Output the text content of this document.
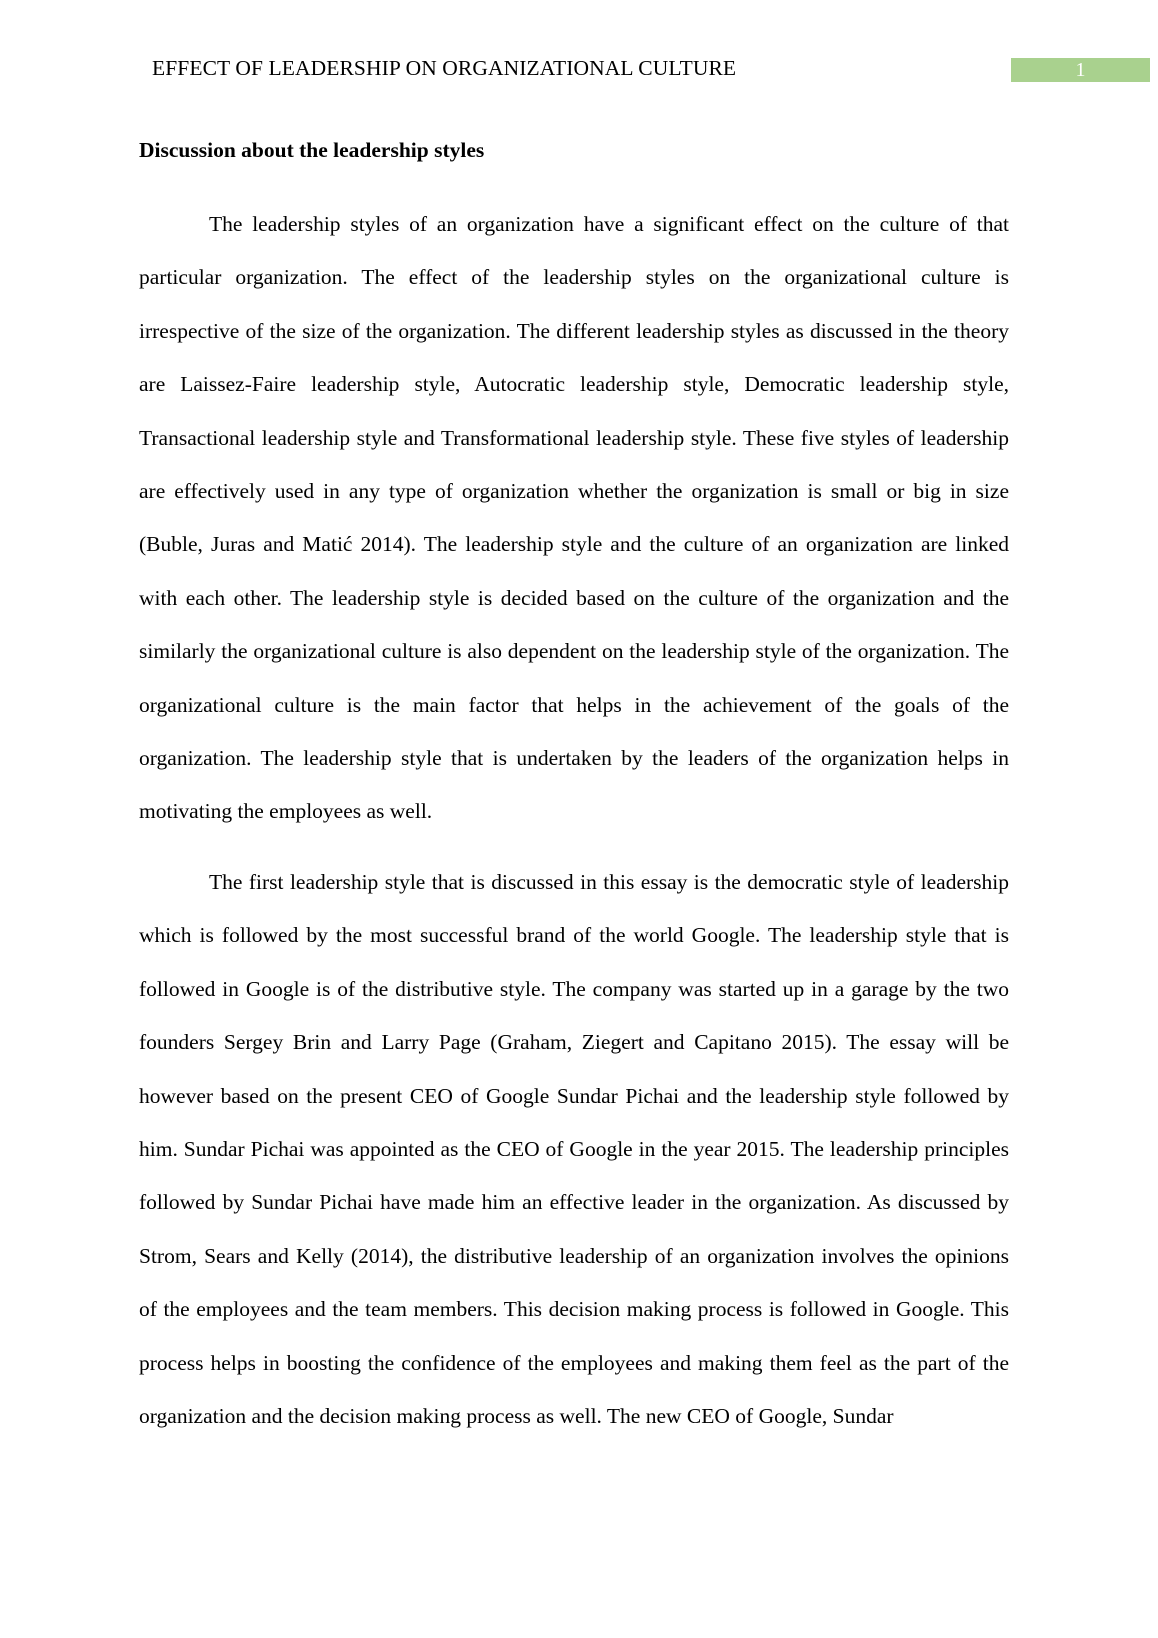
EFFECT OF LEADERSHIP ON ORGANIZATIONAL CULTURE	1
Discussion about the leadership styles

The leadership styles of an organization have a significant effect on the culture of that particular organization. The effect of the leadership styles on the organizational culture is irrespective of the size of the organization. The different leadership styles as discussed in the theory are Laissez-Faire leadership style, Autocratic leadership style, Democratic leadership style, Transactional leadership style and Transformational leadership style. These five styles of leadership are effectively used in any type of organization whether the organization is small or big in size (Buble, Juras and Matić 2014). The leadership style and the culture of an organization are linked with each other. The leadership style is decided based on the culture of the organization and the similarly the organizational culture is also dependent on the leadership style of the organization. The organizational culture is the main factor that helps in the achievement of the goals of the organization. The leadership style that is undertaken by the leaders of the organization helps in motivating the employees as well.

The first leadership style that is discussed in this essay is the democratic style of leadership which is followed by the most successful brand of the world Google. The leadership style that is followed in Google is of the distributive style. The company was started up in a garage by the two founders Sergey Brin and Larry Page (Graham, Ziegert and Capitano 2015). The essay will be however based on the present CEO of Google Sundar Pichai and the leadership style followed by him. Sundar Pichai was appointed as the CEO of Google in the year 2015. The leadership principles followed by Sundar Pichai have made him an effective leader in the organization. As discussed by Strom, Sears and Kelly (2014), the distributive leadership of an organization involves the opinions of the employees and the team members. This decision making process is followed in Google. This process helps in boosting the confidence of the employees and making them feel as the part of the organization and the decision making process as well. The new CEO of Google, Sundar
